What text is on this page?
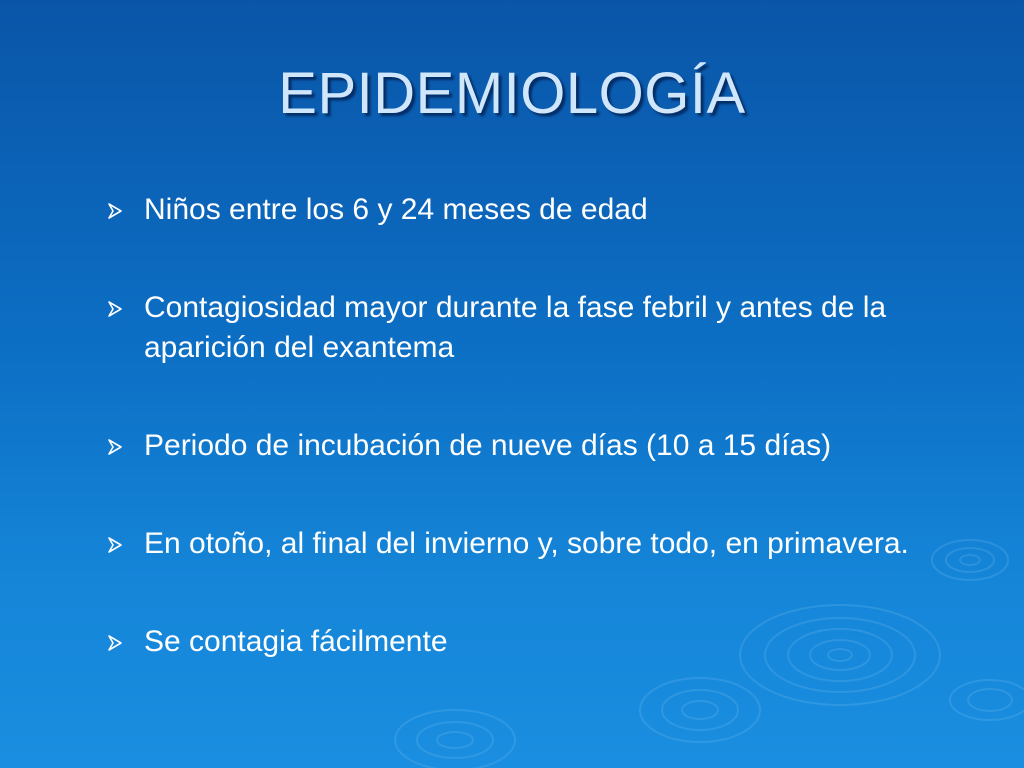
EPIDEMIOLOGÍA
Niños entre los 6 y 24 meses de edad
Contagiosidad mayor durante la fase febril y antes de la aparición del exantema
Periodo de incubación de nueve días (10 a 15 días)
En otoño, al final del invierno y, sobre todo, en primavera.
Se contagia fácilmente
